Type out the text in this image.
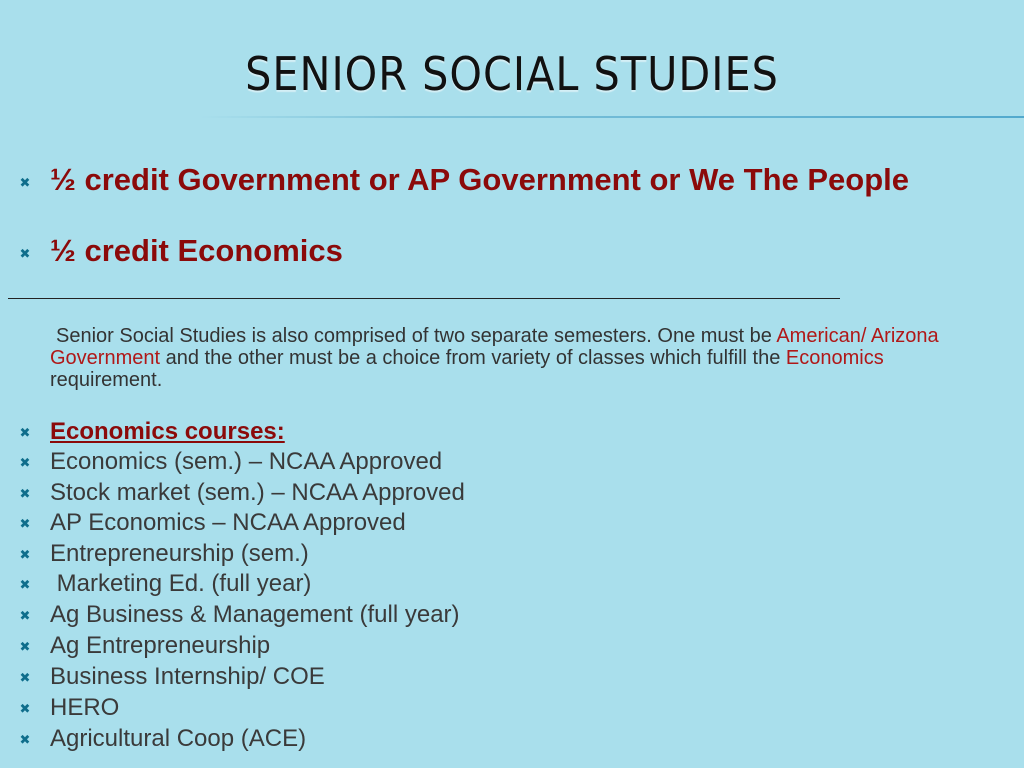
SENIOR SOCIAL STUDIES
✖ ½ credit Government or AP Government or We The People
✖ ½ credit Economics
Senior Social Studies is also comprised of two separate semesters. One must be American/ Arizona Government and the other must be a choice from variety of classes which fulfill the Economics requirement.
✖ Economics courses:
✖ Economics (sem.) – NCAA Approved
✖ Stock market (sem.) – NCAA Approved
✖ AP Economics – NCAA Approved
✖ Entrepreneurship (sem.)
✖ Marketing Ed. (full year)
✖ Ag Business & Management (full year)
✖ Ag Entrepreneurship
✖ Business Internship/ COE
✖ HERO
✖ Agricultural Coop (ACE)
